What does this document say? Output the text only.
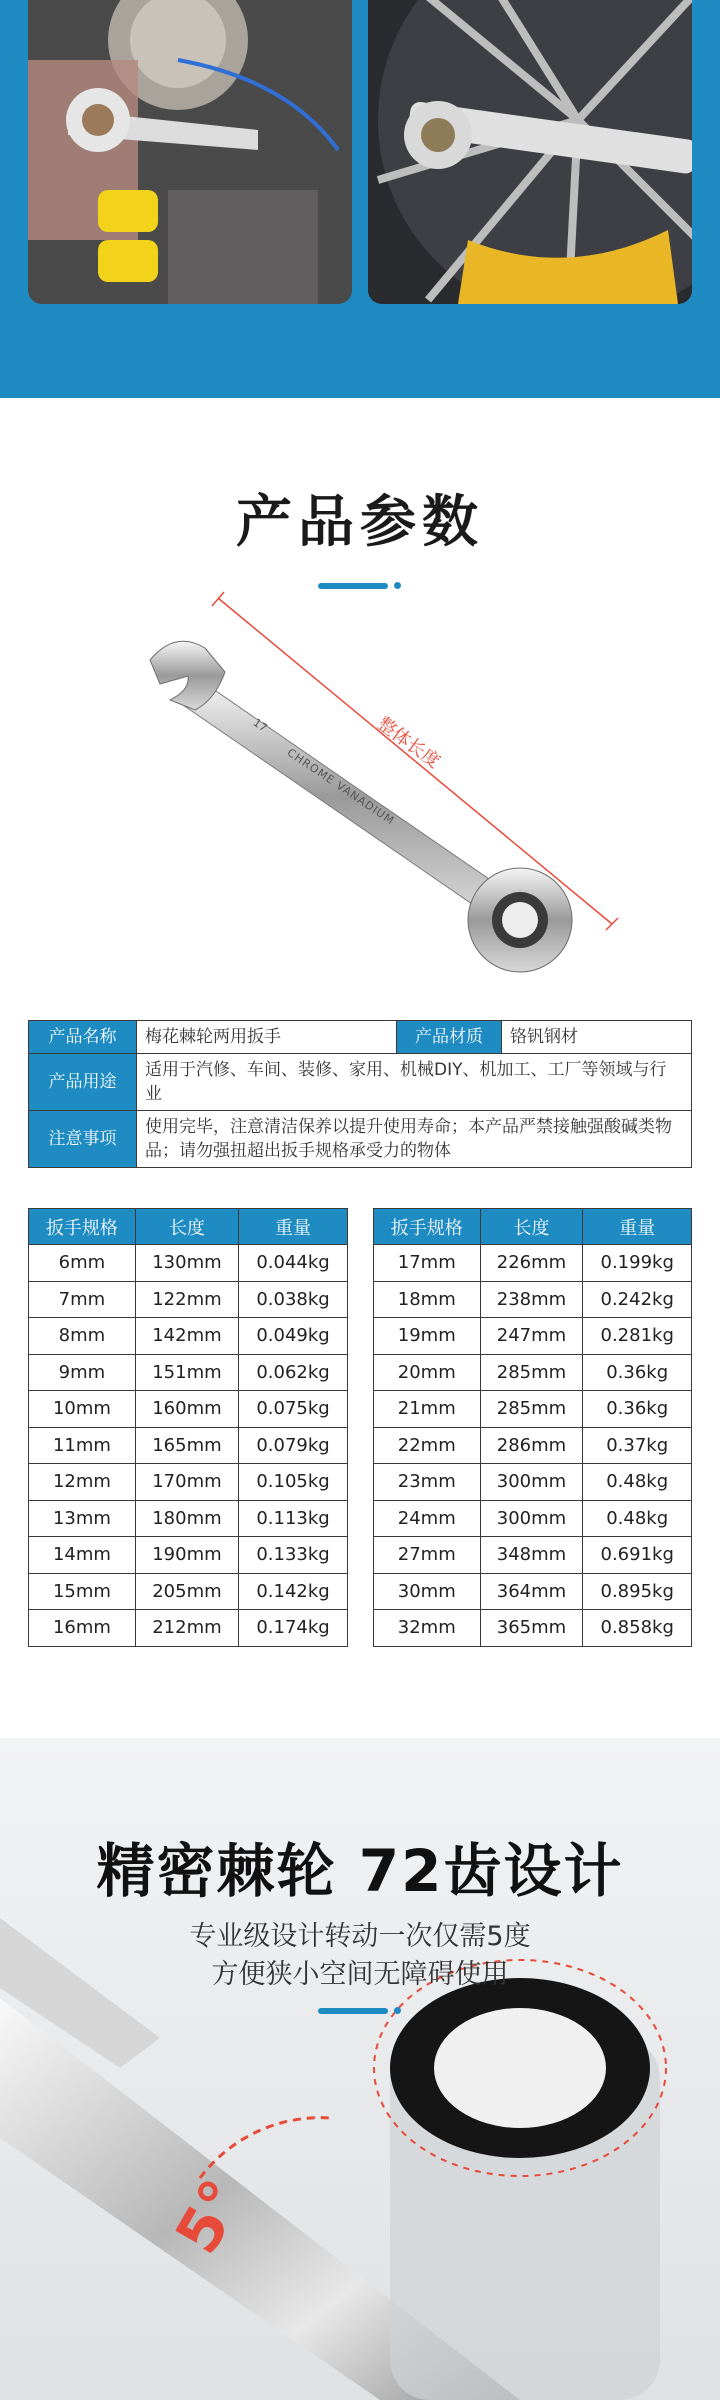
产品参数
整体长度
17
CHROME VANADIUM
产品名称	梅花棘轮两用扳手	产品材质	铬钒钢材
产品用途	适用于汽修、车间、装修、家用、机械DIY、机加工、工厂等领域与行业		
注意事项	使用完毕，注意清洁保养以提升使用寿命；本产品严禁接触强酸碱类物品；请勿强扭超出扳手规格承受力的物体		
扳手规格	长度	重量
6mm	130mm	0.044kg
7mm	122mm	0.038kg
8mm	142mm	0.049kg
9mm	151mm	0.062kg
10mm	160mm	0.075kg
11mm	165mm	0.079kg
12mm	170mm	0.105kg
13mm	180mm	0.113kg
14mm	190mm	0.133kg
15mm	205mm	0.142kg
16mm	212mm	0.174kg
扳手规格	长度	重量
17mm	226mm	0.199kg
18mm	238mm	0.242kg
19mm	247mm	0.281kg
20mm	285mm	0.36kg
21mm	285mm	0.36kg
22mm	286mm	0.37kg
23mm	300mm	0.48kg
24mm	300mm	0.48kg
27mm	348mm	0.691kg
30mm	364mm	0.895kg
32mm	365mm	0.858kg
5°
精密棘轮 72齿设计
专业级设计转动一次仅需5度
方便狭小空间无障碍使用
